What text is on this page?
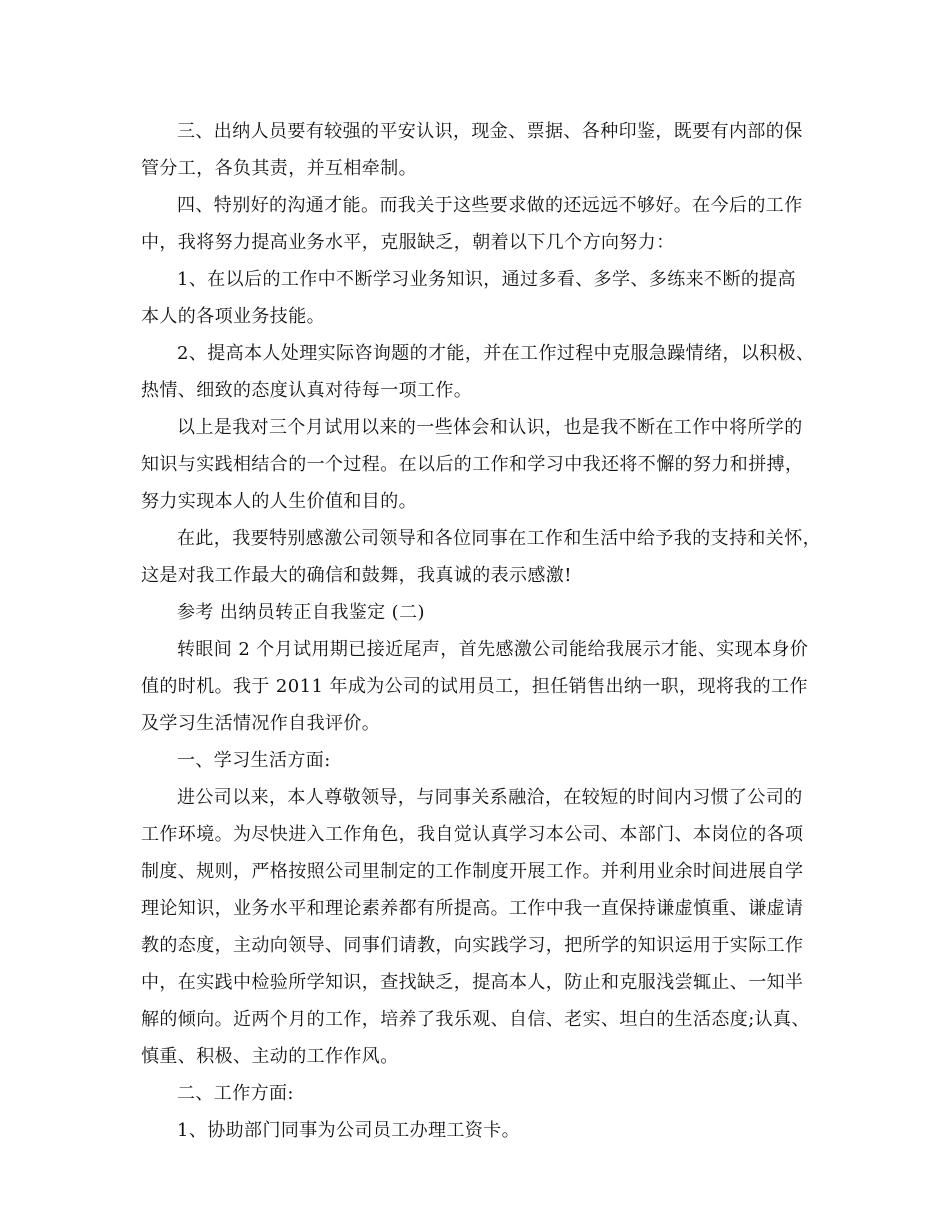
三、出纳人员要有较强的平安认识，现金、票据、各种印鉴，既要有内部的保
管分工，各负其责，并互相牵制。
四、特别好的沟通才能。而我关于这些要求做的还远远不够好。在今后的工作
中，我将努力提高业务水平，克服缺乏，朝着以下几个方向努力：
1、在以后的工作中不断学习业务知识，通过多看、多学、多练来不断的提高
本人的各项业务技能。
2、提高本人处理实际咨询题的才能，并在工作过程中克服急躁情绪，以积极、
热情、细致的态度认真对待每一项工作。
以上是我对三个月试用以来的一些体会和认识，也是我不断在工作中将所学的
知识与实践相结合的一个过程。在以后的工作和学习中我还将不懈的努力和拼搏，
努力实现本人的人生价值和目的。
在此，我要特别感激公司领导和各位同事在工作和生活中给予我的支持和关怀，
这是对我工作最大的确信和鼓舞，我真诚的表示感激!
参考 出纳员转正自我鉴定 (二)
转眼间 2 个月试用期已接近尾声，首先感激公司能给我展示才能、实现本身价
值的时机。我于 2011 年成为公司的试用员工，担任销售出纳一职，现将我的工作
及学习生活情况作自我评价。
一、学习生活方面:
进公司以来，本人尊敬领导，与同事关系融洽，在较短的时间内习惯了公司的
工作环境。为尽快进入工作角色，我自觉认真学习本公司、本部门、本岗位的各项
制度、规则，严格按照公司里制定的工作制度开展工作。并利用业余时间进展自学
理论知识，业务水平和理论素养都有所提高。工作中我一直保持谦虚慎重、谦虚请
教的态度，主动向领导、同事们请教，向实践学习，把所学的知识运用于实际工作
中，在实践中检验所学知识，查找缺乏，提高本人，防止和克服浅尝辄止、一知半
解的倾向。近两个月的工作，培养了我乐观、自信、老实、坦白的生活态度;认真、
慎重、积极、主动的工作作风。
二、工作方面:
1、协助部门同事为公司员工办理工资卡。
